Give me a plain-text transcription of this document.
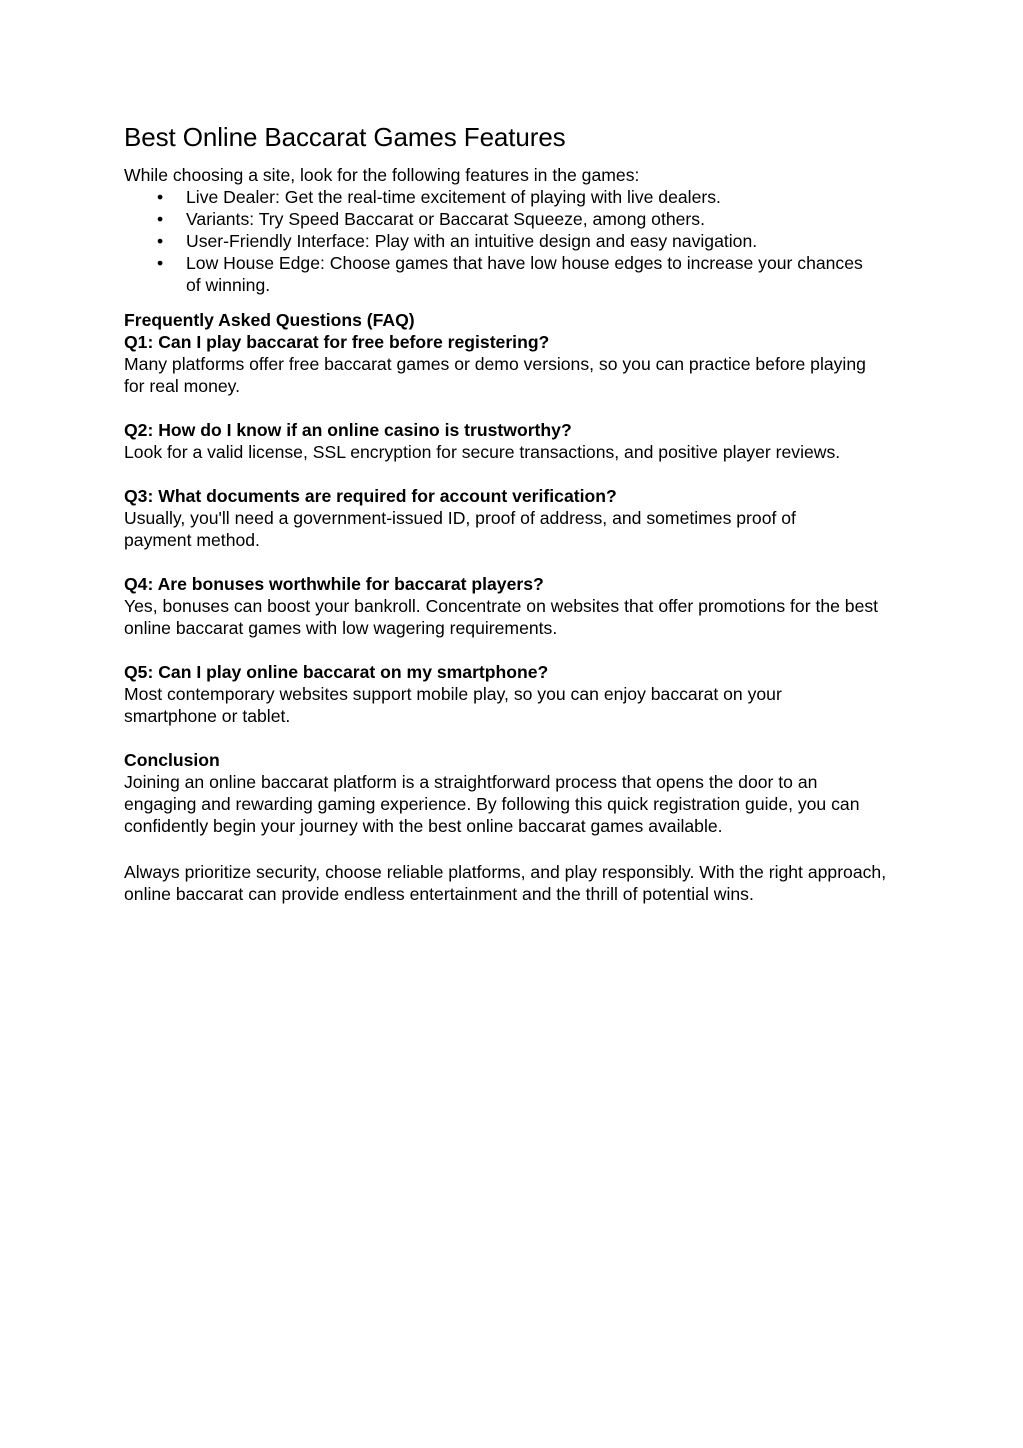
Best Online Baccarat Games Features

While choosing a site, look for the following features in the games:

• Live Dealer: Get the real-time excitement of playing with live dealers.
• Variants: Try Speed Baccarat or Baccarat Squeeze, among others.
• User-Friendly Interface: Play with an intuitive design and easy navigation.
• Low House Edge: Choose games that have low house edges to increase your chances of winning.

Frequently Asked Questions (FAQ)

Q1: Can I play baccarat for free before registering?

Many platforms offer free baccarat games or demo versions, so you can practice before playing for real money.

Q2: How do I know if an online casino is trustworthy?

Look for a valid license, SSL encryption for secure transactions, and positive player reviews.

Q3: What documents are required for account verification?

Usually, you'll need a government-issued ID, proof of address, and sometimes proof of payment method.

Q4: Are bonuses worthwhile for baccarat players?

Yes, bonuses can boost your bankroll. Concentrate on websites that offer promotions for the best online baccarat games with low wagering requirements.

Q5: Can I play online baccarat on my smartphone?

Most contemporary websites support mobile play, so you can enjoy baccarat on your smartphone or tablet.

Conclusion

Joining an online baccarat platform is a straightforward process that opens the door to an engaging and rewarding gaming experience. By following this quick registration guide, you can confidently begin your journey with the best online baccarat games available.

Always prioritize security, choose reliable platforms, and play responsibly. With the right approach, online baccarat can provide endless entertainment and the thrill of potential wins.
